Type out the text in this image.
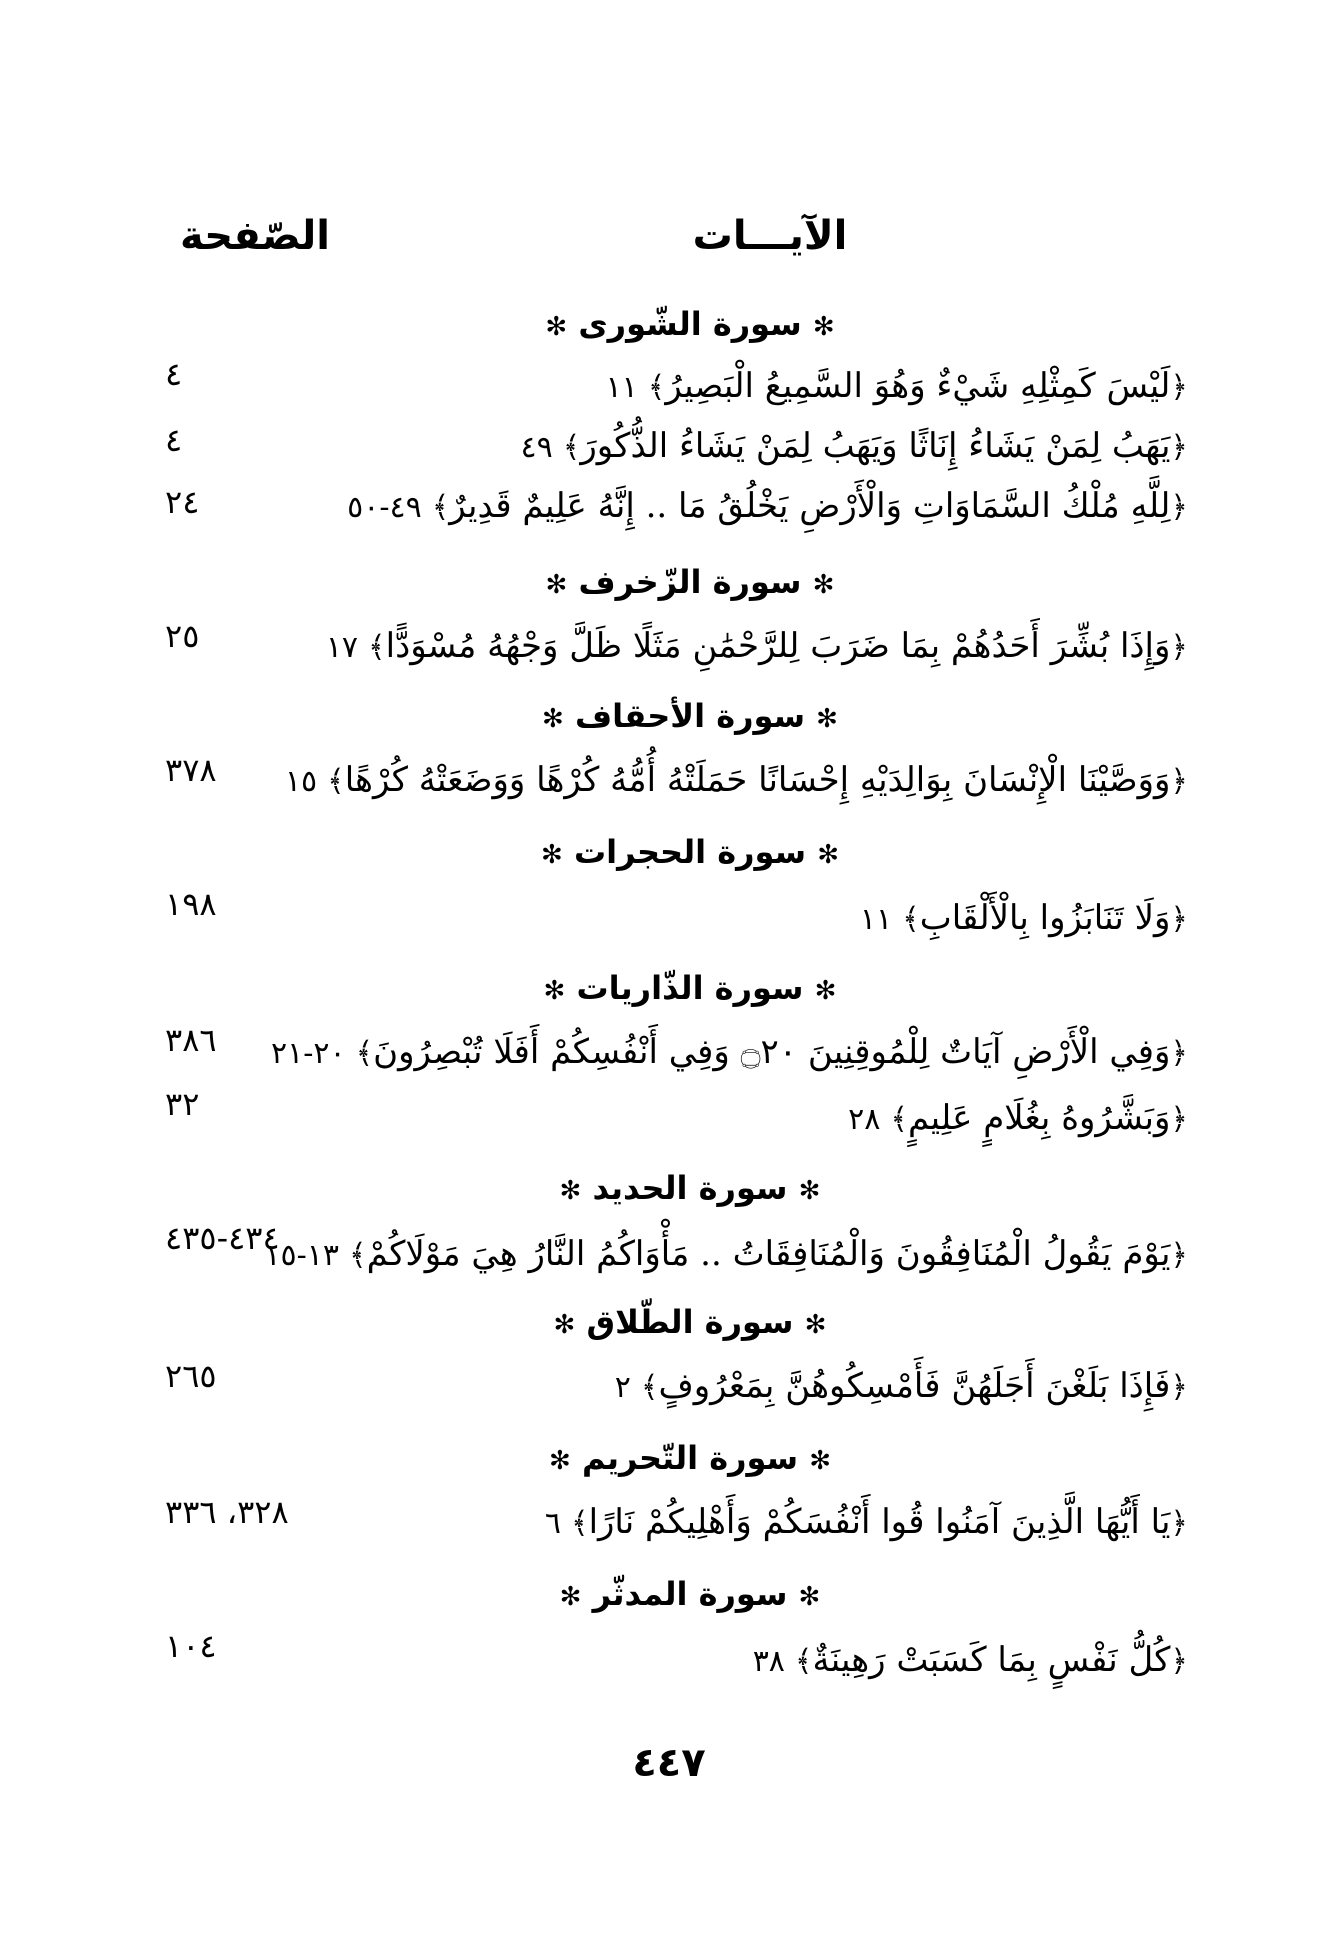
الآيـــات
الصّفحة
✻ سورة الشّورى ✻
﴿لَيْسَ كَمِثْلِهِ شَيْءٌ وَهُوَ السَّمِيعُ الْبَصِيرُ﴾١١
٤
﴿يَهَبُ لِمَنْ يَشَاءُ إِنَاثًا وَيَهَبُ لِمَنْ يَشَاءُ الذُّكُورَ﴾٤٩
٤
﴿لِلَّهِ مُلْكُ السَّمَاوَاتِ وَالْأَرْضِ يَخْلُقُ مَا .. إِنَّهُ عَلِيمٌ قَدِيرٌ﴾٤٩-٥٠
٢٤
✻ سورة الزّخرف ✻
﴿وَإِذَا بُشِّرَ أَحَدُهُمْ بِمَا ضَرَبَ لِلرَّحْمَٰنِ مَثَلًا ظَلَّ وَجْهُهُ مُسْوَدًّا﴾١٧
٢٥
✻ سورة الأحقاف ✻
﴿وَوَصَّيْنَا الْإِنْسَانَ بِوَالِدَيْهِ إِحْسَانًا حَمَلَتْهُ أُمُّهُ كُرْهًا وَوَضَعَتْهُ كُرْهًا﴾١٥
٣٧٨
✻ سورة الحجرات ✻
﴿وَلَا تَنَابَزُوا بِالْأَلْقَابِ﴾١١
١٩٨
✻ سورة الذّاريات ✻
﴿وَفِي الْأَرْضِ آيَاتٌ لِلْمُوقِنِينَ ۝٢٠ وَفِي أَنْفُسِكُمْ أَفَلَا تُبْصِرُونَ﴾٢٠-٢١
٣٨٦
﴿وَبَشَّرُوهُ بِغُلَامٍ عَلِيمٍ﴾٢٨
٣٢
✻ سورة الحديد ✻
﴿يَوْمَ يَقُولُ الْمُنَافِقُونَ وَالْمُنَافِقَاتُ .. مَأْوَاكُمُ النَّارُ هِيَ مَوْلَاكُمْ﴾١٣-١٥
٤٣٤-٤٣٥
✻ سورة الطّلاق ✻
﴿فَإِذَا بَلَغْنَ أَجَلَهُنَّ فَأَمْسِكُوهُنَّ بِمَعْرُوفٍ﴾٢
٢٦٥
✻ سورة التّحريم ✻
﴿يَا أَيُّهَا الَّذِينَ آمَنُوا قُوا أَنْفُسَكُمْ وَأَهْلِيكُمْ نَارًا﴾٦
٣٢٨، ٣٣٦
✻ سورة المدثّر ✻
﴿كُلُّ نَفْسٍ بِمَا كَسَبَتْ رَهِينَةٌ﴾٣٨
١٠٤
٤٤٧
